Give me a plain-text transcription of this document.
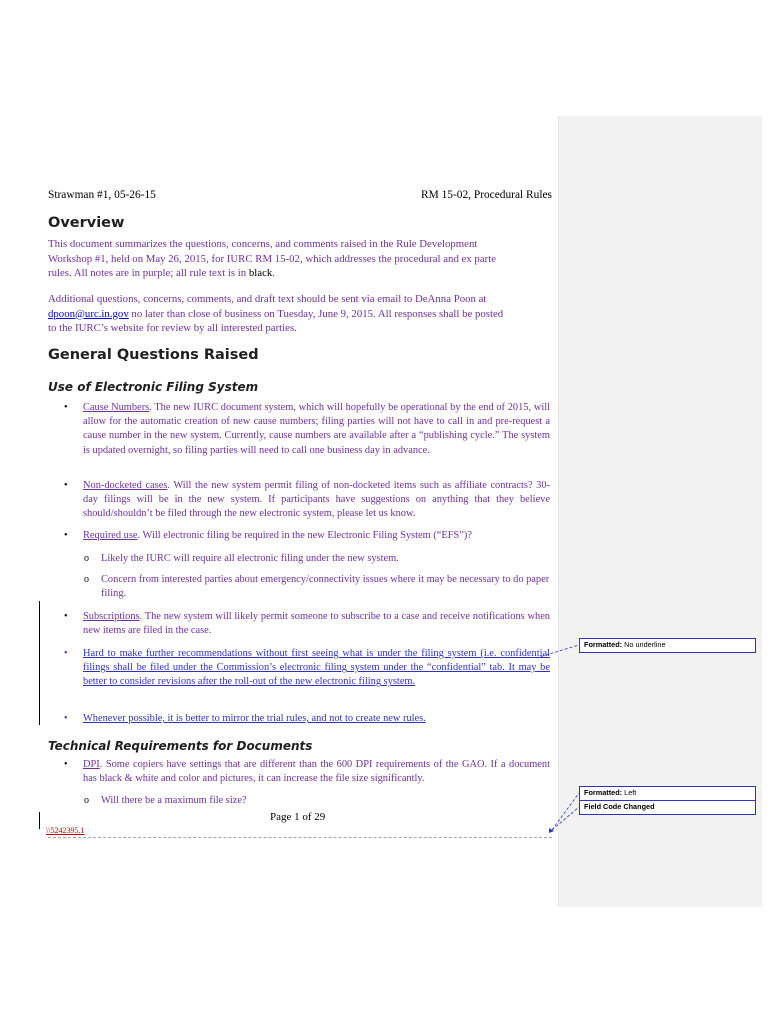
Strawman #1, 05-26-15	RM 15-02, Procedural Rules
Overview

This document summarizes the questions, concerns, and comments raised in the Rule Development
Workshop #1, held on May 26, 2015, for IURC RM 15-02, which addresses the procedural and ex parte
rules. All notes are in purple; all rule text is in black.

Additional questions, concerns, comments, and draft text should be sent via email to DeAnna Poon at
dpoon@urc.in.gov no later than close of business on Tuesday, June 9, 2015. All responses shall be posted
to the IURC’s website for review by all interested parties.

General Questions Raised
Use of Electronic Filing System

• Cause Numbers. The new IURC document system, which will hopefully be operational by the end of 2015, will allow for the automatic creation of new cause numbers; filing parties will not have to call in and pre-request a cause number in the new system. Currently, cause numbers are available after a “publishing cycle.” The system is updated overnight, so filing parties will need to call one business day in advance.

• Non-docketed cases. Will the new system permit filing of non-docketed items such as affiliate contracts? 30-day filings will be in the new system. If participants have suggestions on anything that they believe should/shouldn’t be filed through the new electronic system, please let us know.

• Required use. Will electronic filing be required in the new Electronic Filing System (“EFS”)?

o Likely the IURC will require all electronic filing under the new system.

o Concern from interested parties about emergency/connectivity issues where it may be necessary to do paper filing.

• Subscriptions. The new system will likely permit someone to subscribe to a case and receive notifications when new items are filed in the case.

• Hard to make further recommendations without first seeing what is under the filing system (i.e. confidential filings shall be filed under the Commission’s electronic filing system under the “confidential” tab. It may be better to consider revisions after the roll-out of the new electronic filing system.

• Whenever possible, it is better to mirror the trial rules, and not to create new rules.

Technical Requirements for Documents

• DPI. Some copiers have settings that are different than the 600 DPI requirements of the GAO. If a document has black & white and color and pictures, it can increase the file size significantly.

o Will there be a maximum file size?

Page 1 of 29
\\5242395.1
Formatted: No underline
Formatted: Left
Field Code Changed
